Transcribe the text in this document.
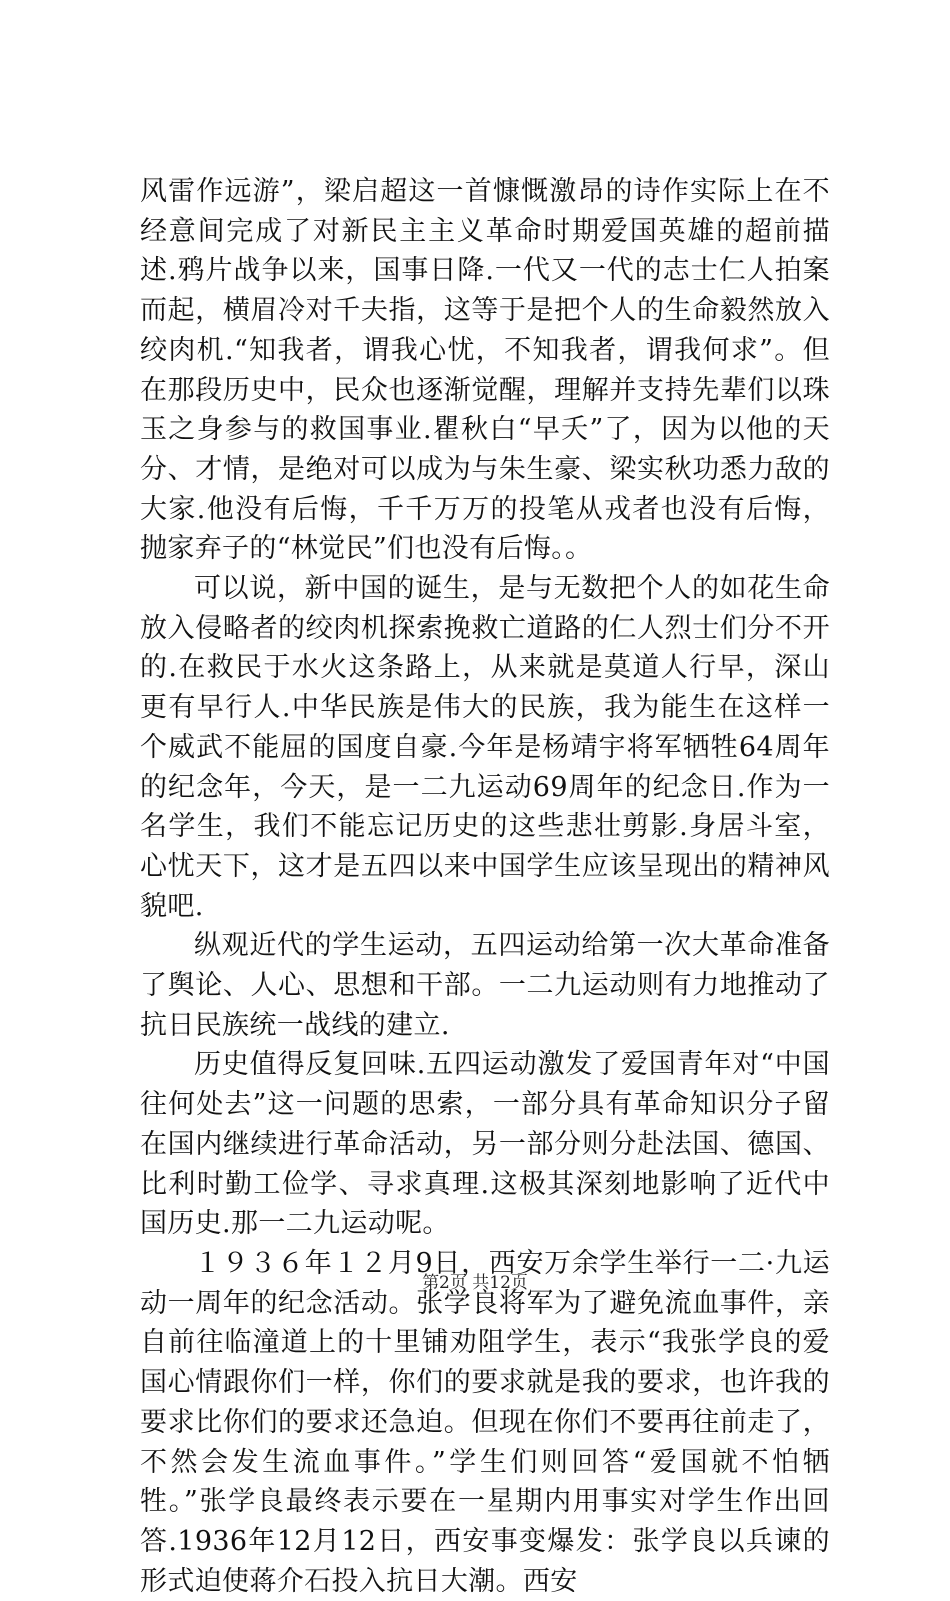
风雷作远游”，梁启超这一首慷慨激昂的诗作实际上在不经意间完成了对新民主主义革命时期爱国英雄的超前描述.鸦片战争以来，国事日降.一代又一代的志士仁人拍案而起，横眉冷对千夫指，这等于是把个人的生命毅然放入绞肉机.“知我者，谓我心忧，不知我者，谓我何求”。但在那段历史中，民众也逐渐觉醒，理解并支持先辈们以珠玉之身参与的救国事业.瞿秋白“早夭”了，因为以他的天分、才情，是绝对可以成为与朱生豪、梁实秋功悉力敌的大家.他没有后悔，千千万万的投笔从戎者也没有后悔，抛家弃子的“林觉民”们也没有后悔。。

可以说，新中国的诞生，是与无数把个人的如花生命放入侵略者的绞肉机探索挽救亡道路的仁人烈士们分不开的.在救民于水火这条路上，从来就是莫道人行早，深山更有早行人.中华民族是伟大的民族，我为能生在这样一个威武不能屈的国度自豪.今年是杨靖宇将军牺牲64周年的纪念年，今天，是一二九运动69周年的纪念日.作为一名学生，我们不能忘记历史的这些悲壮剪影.身居斗室，心忧天下，这才是五四以来中国学生应该呈现出的精神风貌吧.

纵观近代的学生运动，五四运动给第一次大革命准备了舆论、人心、思想和干部。一二九运动则有力地推动了抗日民族统一战线的建立.

历史值得反复回味.五四运动激发了爱国青年对“中国往何处去”这一问题的思索，一部分具有革命知识分子留在国内继续进行革命活动，另一部分则分赴法国、德国、比利时勤工俭学、寻求真理.这极其深刻地影响了近代中国历史.那一二九运动呢。

１９３６年１２月9日，西安万余学生举行一二·九运动一周年的纪念活动。张学良将军为了避免流血事件，亲自前往临潼道上的十里铺劝阻学生，表示“我张学良的爱国心情跟你们一样，你们的要求就是我的要求，也许我的要求比你们的要求还急迫。但现在你们不要再往前走了，不然会发生流血事件。”学生们则回答“爱国就不怕牺牲。”张学良最终表示要在一星期内用事实对学生作出回答.1936年12月12日，西安事变爆发：张学良以兵谏的形式迫使蒋介石投入抗日大潮。西安

第2页 共12页
